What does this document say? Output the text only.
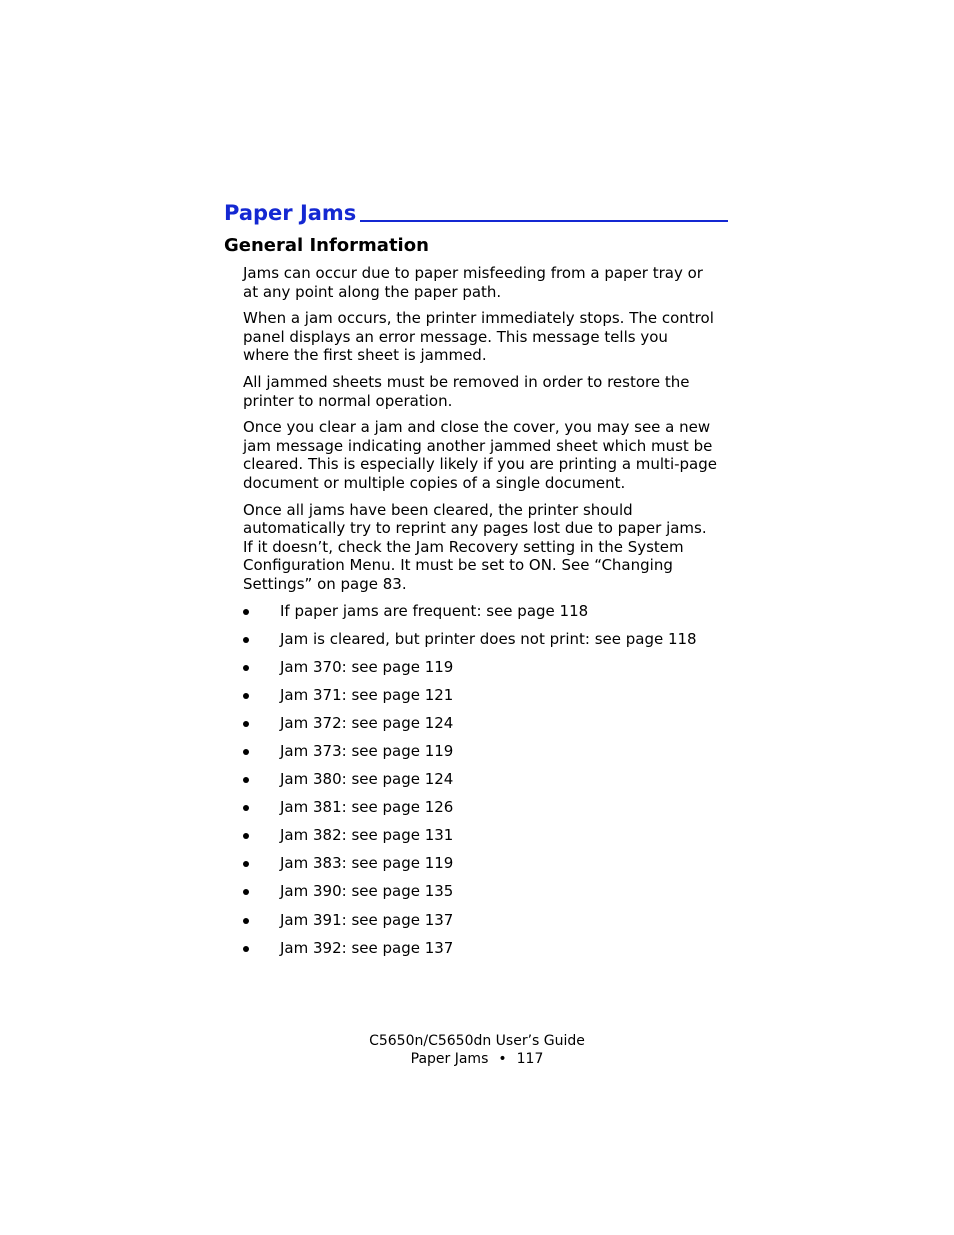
Paper Jams
General Information

Jams can occur due to paper misfeeding from a paper tray or
at any point along the paper path.

When a jam occurs, the printer immediately stops. The control
panel displays an error message. This message tells you
where the first sheet is jammed.

All jammed sheets must be removed in order to restore the
printer to normal operation.

Once you clear a jam and close the cover, you may see a new
jam message indicating another jammed sheet which must be
cleared. This is especially likely if you are printing a multi-page
document or multiple copies of a single document.

Once all jams have been cleared, the printer should
automatically try to reprint any pages lost due to paper jams.
If it doesn’t, check the Jam Recovery setting in the System
Configuration Menu. It must be set to ON. See “Changing
Settings” on page 83.

If paper jams are frequent: see page 118
Jam is cleared, but printer does not print: see page 118
Jam 370: see page 119
Jam 371: see page 121
Jam 372: see page 124
Jam 373: see page 119
Jam 380: see page 124
Jam 381: see page 126
Jam 382: see page 131
Jam 383: see page 119
Jam 390: see page 135
Jam 391: see page 137
Jam 392: see page 137
C5650n/C5650dn User’s Guide
Paper Jams • 117
